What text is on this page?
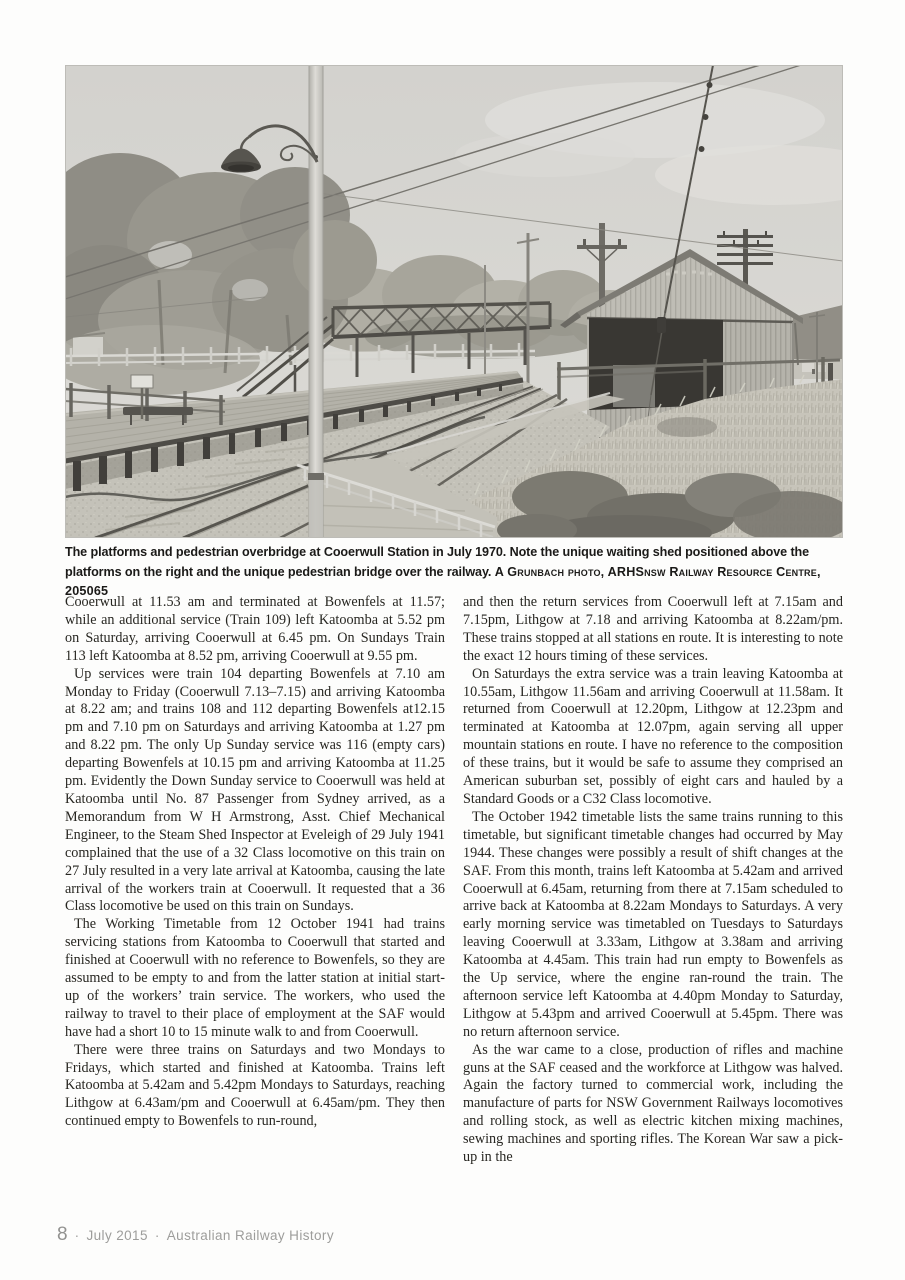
The platforms and pedestrian overbridge at Cooerwull Station in July 1970. Note the unique waiting shed positioned above the platforms on the right and the unique pedestrian bridge over the railway. A Grunbach photo, ARHSnsw Railway Resource Centre, 205065

Cooerwull at 11.53 am and terminated at Bowenfels at 11.57; while an additional service (Train 109) left Katoomba at 5.52 pm on Saturday, arriving Cooerwull at 6.45 pm. On Sundays Train 113 left Katoomba at 8.52 pm, arriving Cooerwull at 9.55 pm.

Up services were train 104 departing Bowenfels at 7.10 am Monday to Friday (Cooerwull 7.13–7.15) and arriving Katoomba at 8.22 am; and trains 108 and 112 departing Bowenfels at12.15 pm and 7.10 pm on Saturdays and arriving Katoomba at 1.27 pm and 8.22 pm. The only Up Sunday service was 116 (empty cars) departing Bowenfels at 10.15 pm and arriving Katoomba at 11.25 pm. Evidently the Down Sunday service to Cooerwull was held at Katoomba until No. 87 Passenger from Sydney arrived, as a Memorandum from W H Armstrong, Asst. Chief Mechanical Engineer, to the Steam Shed Inspector at Eveleigh of 29 July 1941 complained that the use of a 32 Class locomotive on this train on 27 July resulted in a very late arrival at Katoomba, causing the late arrival of the workers train at Cooerwull. It requested that a 36 Class locomotive be used on this train on Sundays.

The Working Timetable from 12 October 1941 had trains servicing stations from Katoomba to Cooerwull that started and finished at Cooerwull with no reference to Bowenfels, so they are assumed to be empty to and from the latter station at initial start-up of the workers’ train service. The workers, who used the railway to travel to their place of employment at the SAF would have had a short 10 to 15 minute walk to and from Cooerwull.

There were three trains on Saturdays and two Mondays to Fridays, which started and finished at Katoomba. Trains left Katoomba at 5.42am and 5.42pm Mondays to Saturdays, reaching Lithgow at 6.43am/pm and Cooerwull at 6.45am/pm. They then continued empty to Bowenfels to run-round,

and then the return services from Cooerwull left at 7.15am and 7.15pm, Lithgow at 7.18 and arriving Katoomba at 8.22am/pm. These trains stopped at all stations en route. It is interesting to note the exact 12 hours timing of these services.

On Saturdays the extra service was a train leaving Katoomba at 10.55am, Lithgow 11.56am and arriving Cooerwull at 11.58am. It returned from Cooerwull at 12.20pm, Lithgow at 12.23pm and terminated at Katoomba at 12.07pm, again serving all upper mountain stations en route. I have no reference to the composition of these trains, but it would be safe to assume they comprised an American suburban set, possibly of eight cars and hauled by a Standard Goods or a C32 Class locomotive.

The October 1942 timetable lists the same trains running to this timetable, but significant timetable changes had occurred by May 1944. These changes were possibly a result of shift changes at the SAF. From this month, trains left Katoomba at 5.42am and arrived Cooerwull at 6.45am, returning from there at 7.15am scheduled to arrive back at Katoomba at 8.22am Mondays to Saturdays. A very early morning service was timetabled on Tuesdays to Saturdays leaving Cooerwull at 3.33am, Lithgow at 3.38am and arriving Katoomba at 4.45am. This train had run empty to Bowenfels as the Up service, where the engine ran-round the train. The afternoon service left Katoomba at 4.40pm Monday to Saturday, Lithgow at 5.43pm and arrived Cooerwull at 5.45pm. There was no return afternoon service.

As the war came to a close, production of rifles and machine guns at the SAF ceased and the workforce at Lithgow was halved. Again the factory turned to commercial work, including the manufacture of parts for NSW Government Railways locomotives and rolling stock, as well as electric kitchen mixing machines, sewing machines and sporting rifles. The Korean War saw a pick-up in the

8 · July 2015 · Australian Railway History
